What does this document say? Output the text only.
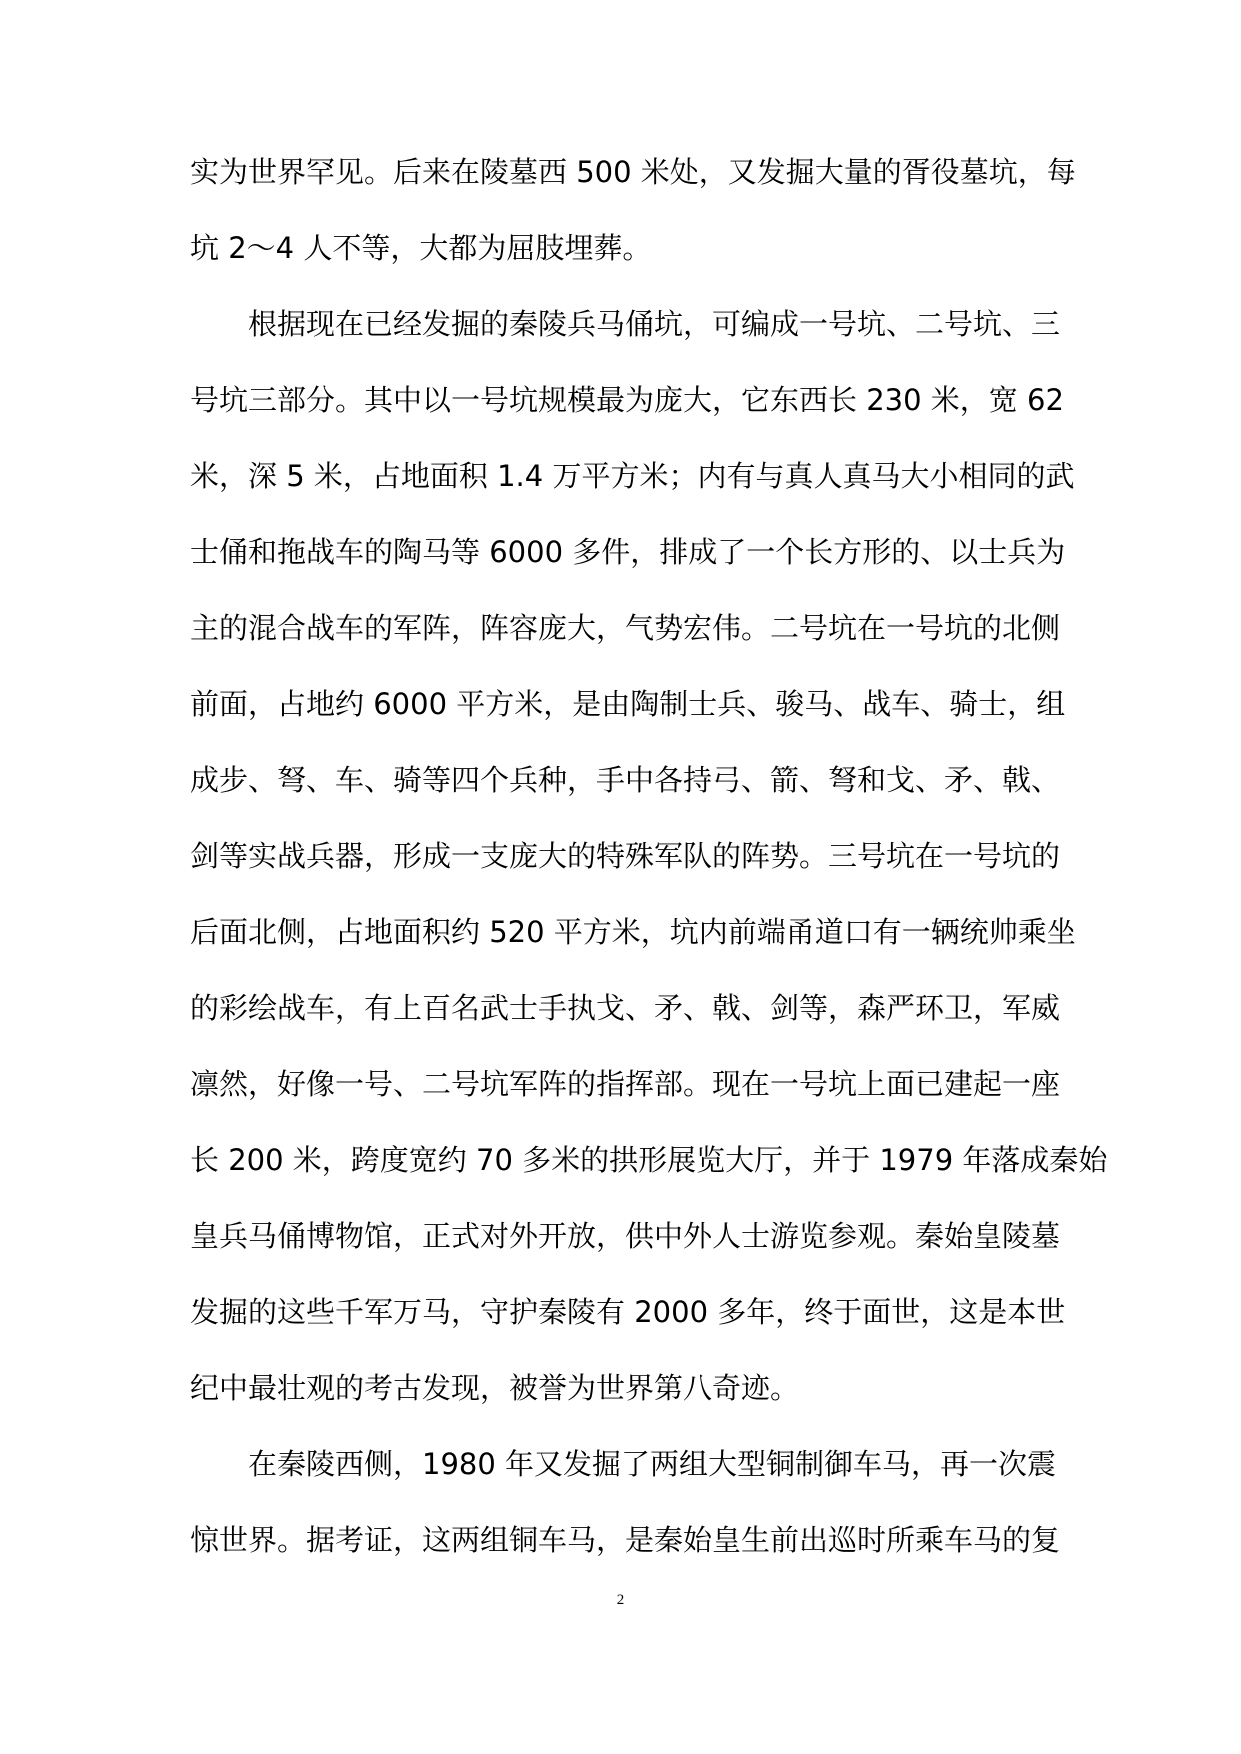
实为世界罕见。后来在陵墓西 500 米处，又发掘大量的胥役墓坑，每
坑 2～4 人不等，大都为屈肢埋葬。
根据现在已经发掘的秦陵兵马俑坑，可编成一号坑、二号坑、三
号坑三部分。其中以一号坑规模最为庞大，它东西长 230 米，宽 62
米，深 5 米，占地面积 1.4 万平方米；内有与真人真马大小相同的武
士俑和拖战车的陶马等 6000 多件，排成了一个长方形的、以士兵为
主的混合战车的军阵，阵容庞大，气势宏伟。二号坑在一号坑的北侧
前面，占地约 6000 平方米，是由陶制士兵、骏马、战车、骑士，组
成步、弩、车、骑等四个兵种，手中各持弓、箭、弩和戈、矛、戟、
剑等实战兵器，形成一支庞大的特殊军队的阵势。三号坑在一号坑的
后面北侧，占地面积约 520 平方米，坑内前端甬道口有一辆统帅乘坐
的彩绘战车，有上百名武士手执戈、矛、戟、剑等，森严环卫，军威
凛然，好像一号、二号坑军阵的指挥部。现在一号坑上面已建起一座
长 200 米，跨度宽约 70 多米的拱形展览大厅，并于 1979 年落成秦始
皇兵马俑博物馆，正式对外开放，供中外人士游览参观。秦始皇陵墓
发掘的这些千军万马，守护秦陵有 2000 多年，终于面世，这是本世
纪中最壮观的考古发现，被誉为世界第八奇迹。
在秦陵西侧，1980 年又发掘了两组大型铜制御车马，再一次震
惊世界。据考证，这两组铜车马，是秦始皇生前出巡时所乘车马的复
2
